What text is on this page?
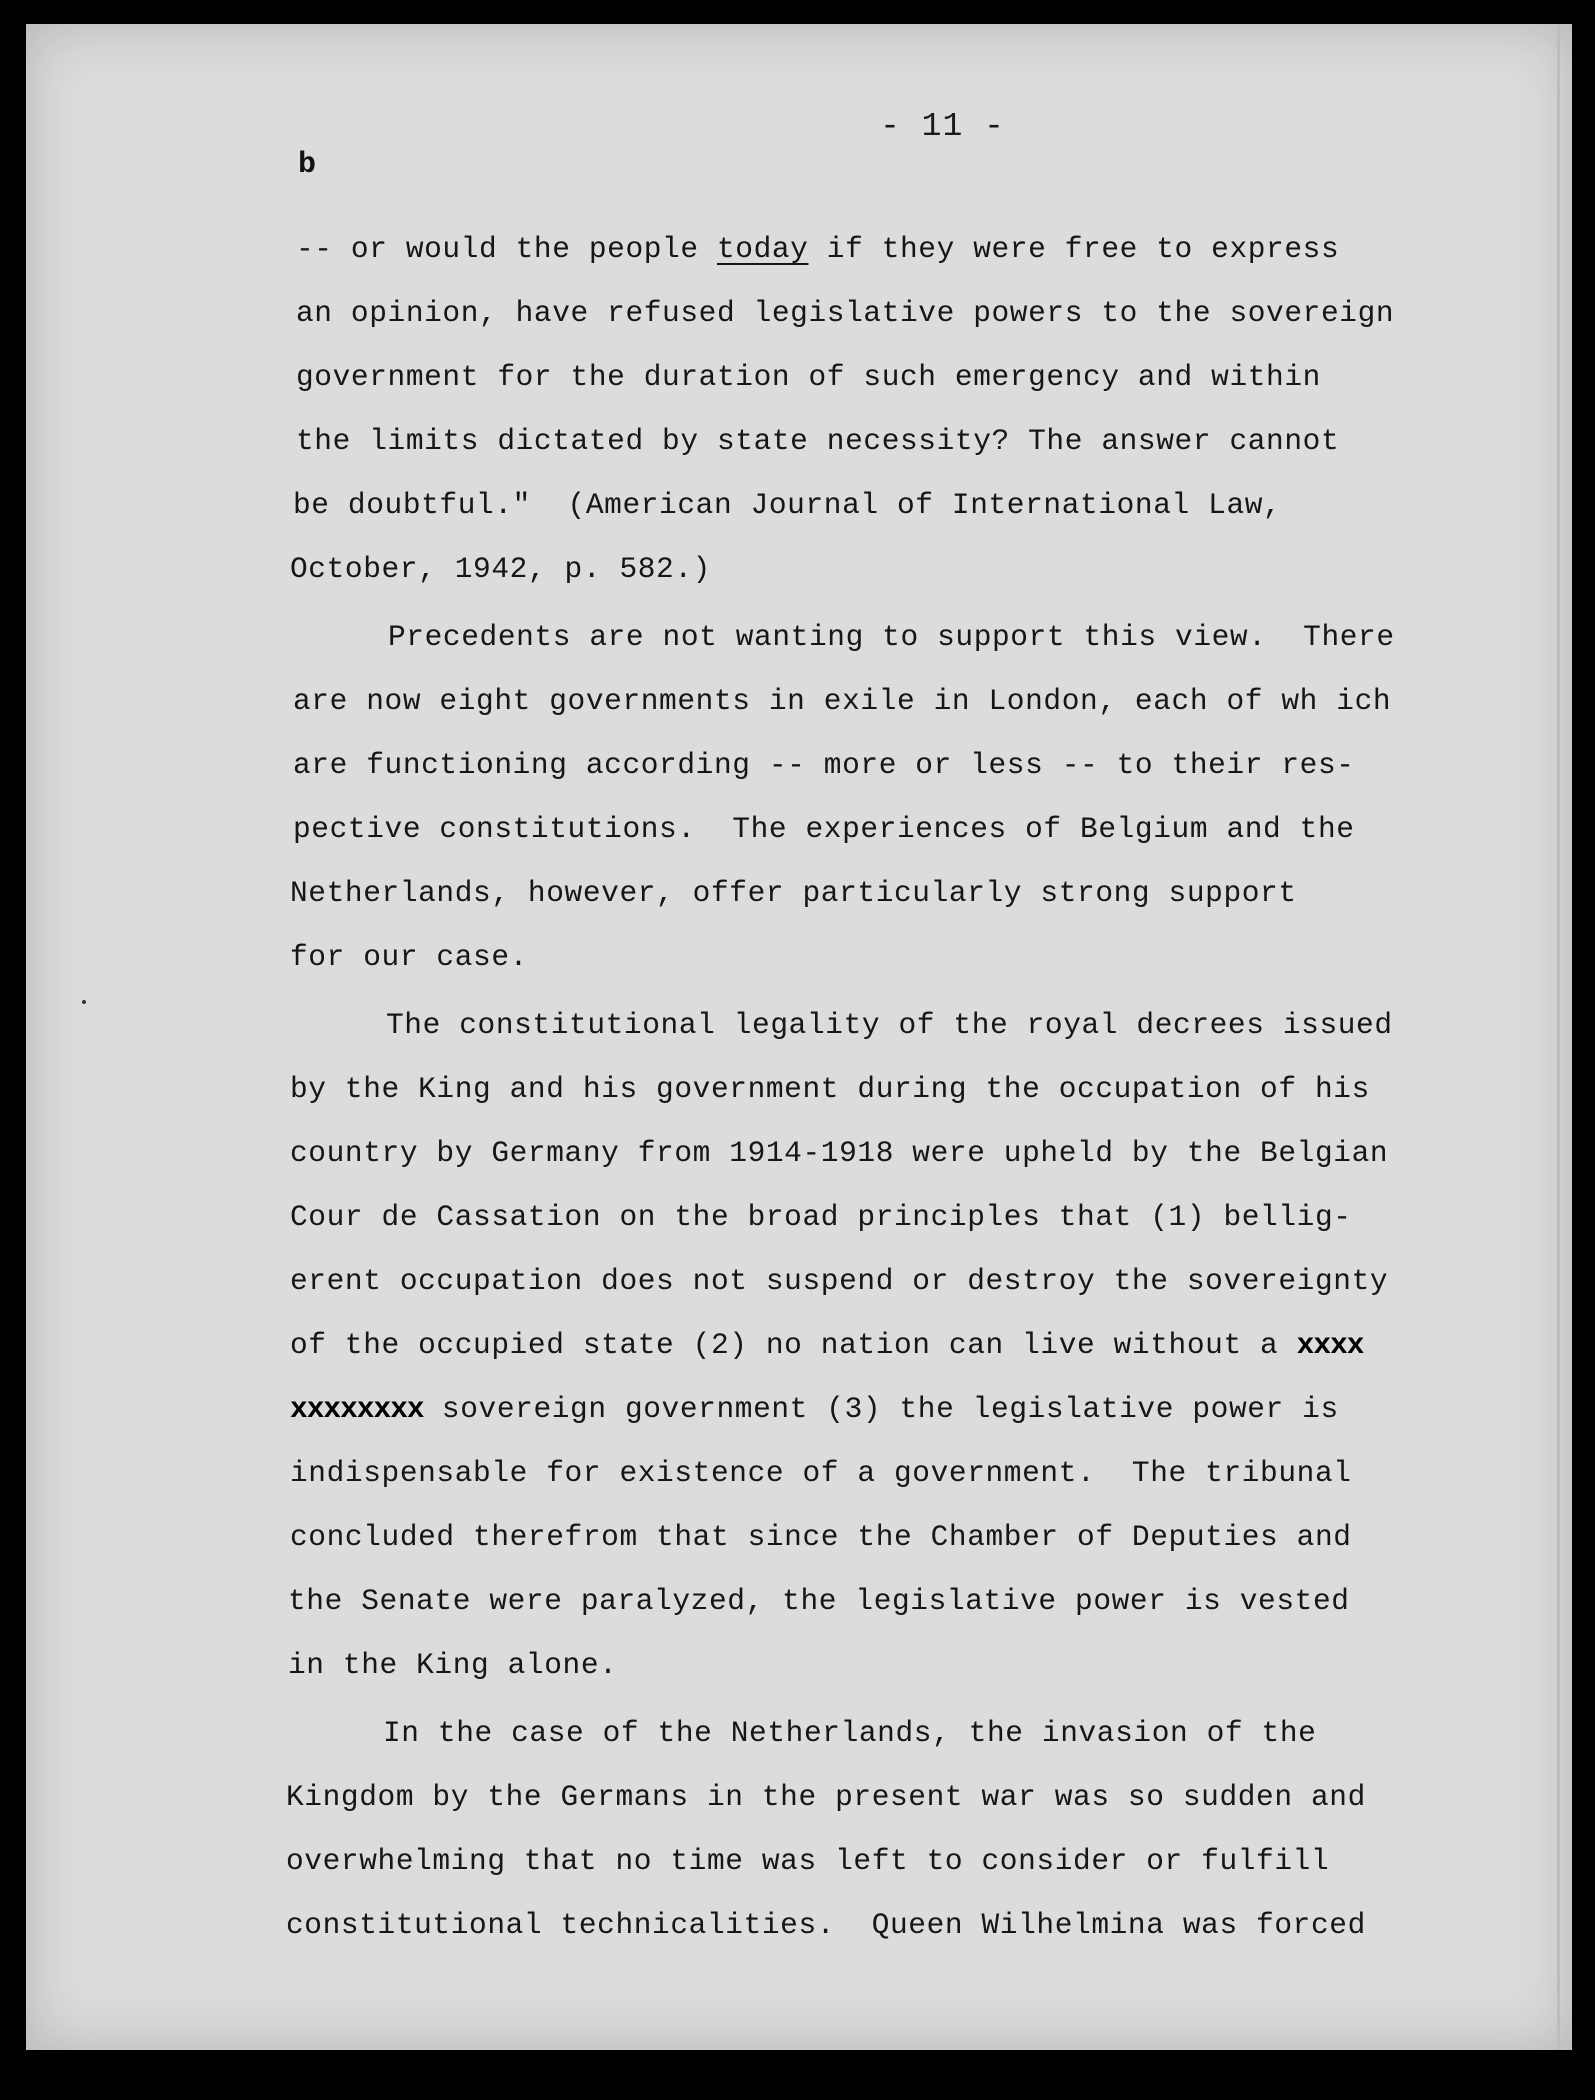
- 11 -
b
-- or would the people today if they were free to express
an opinion, have refused legislative powers to the sovereign
government for the duration of such emergency and within
the limits dictated by state necessity? The answer cannot
be doubtful."  (American Journal of International Law,
October, 1942, p. 582.)
Precedents are not wanting to support this view.  There
are now eight governments in exile in London, each of wh ich
are functioning according -- more or less -- to their res-
pective constitutions.  The experiences of Belgium and the
Netherlands, however, offer particularly strong support
for our case.
The constitutional legality of the royal decrees issued
by the King and his government during the occupation of his
country by Germany from 1914-1918 were upheld by the Belgian
Cour de Cassation on the broad principles that (1) bellig-
erent occupation does not suspend or destroy the sovereignty
of the occupied state (2) no nation can live without a xxxx
xxxxxxxx sovereign government (3) the legislative power is
indispensable for existence of a government.  The tribunal
concluded therefrom that since the Chamber of Deputies and
the Senate were paralyzed, the legislative power is vested
in the King alone.
In the case of the Netherlands, the invasion of the
Kingdom by the Germans in the present war was so sudden and
overwhelming that no time was left to consider or fulfill
constitutional technicalities.  Queen Wilhelmina was forced
